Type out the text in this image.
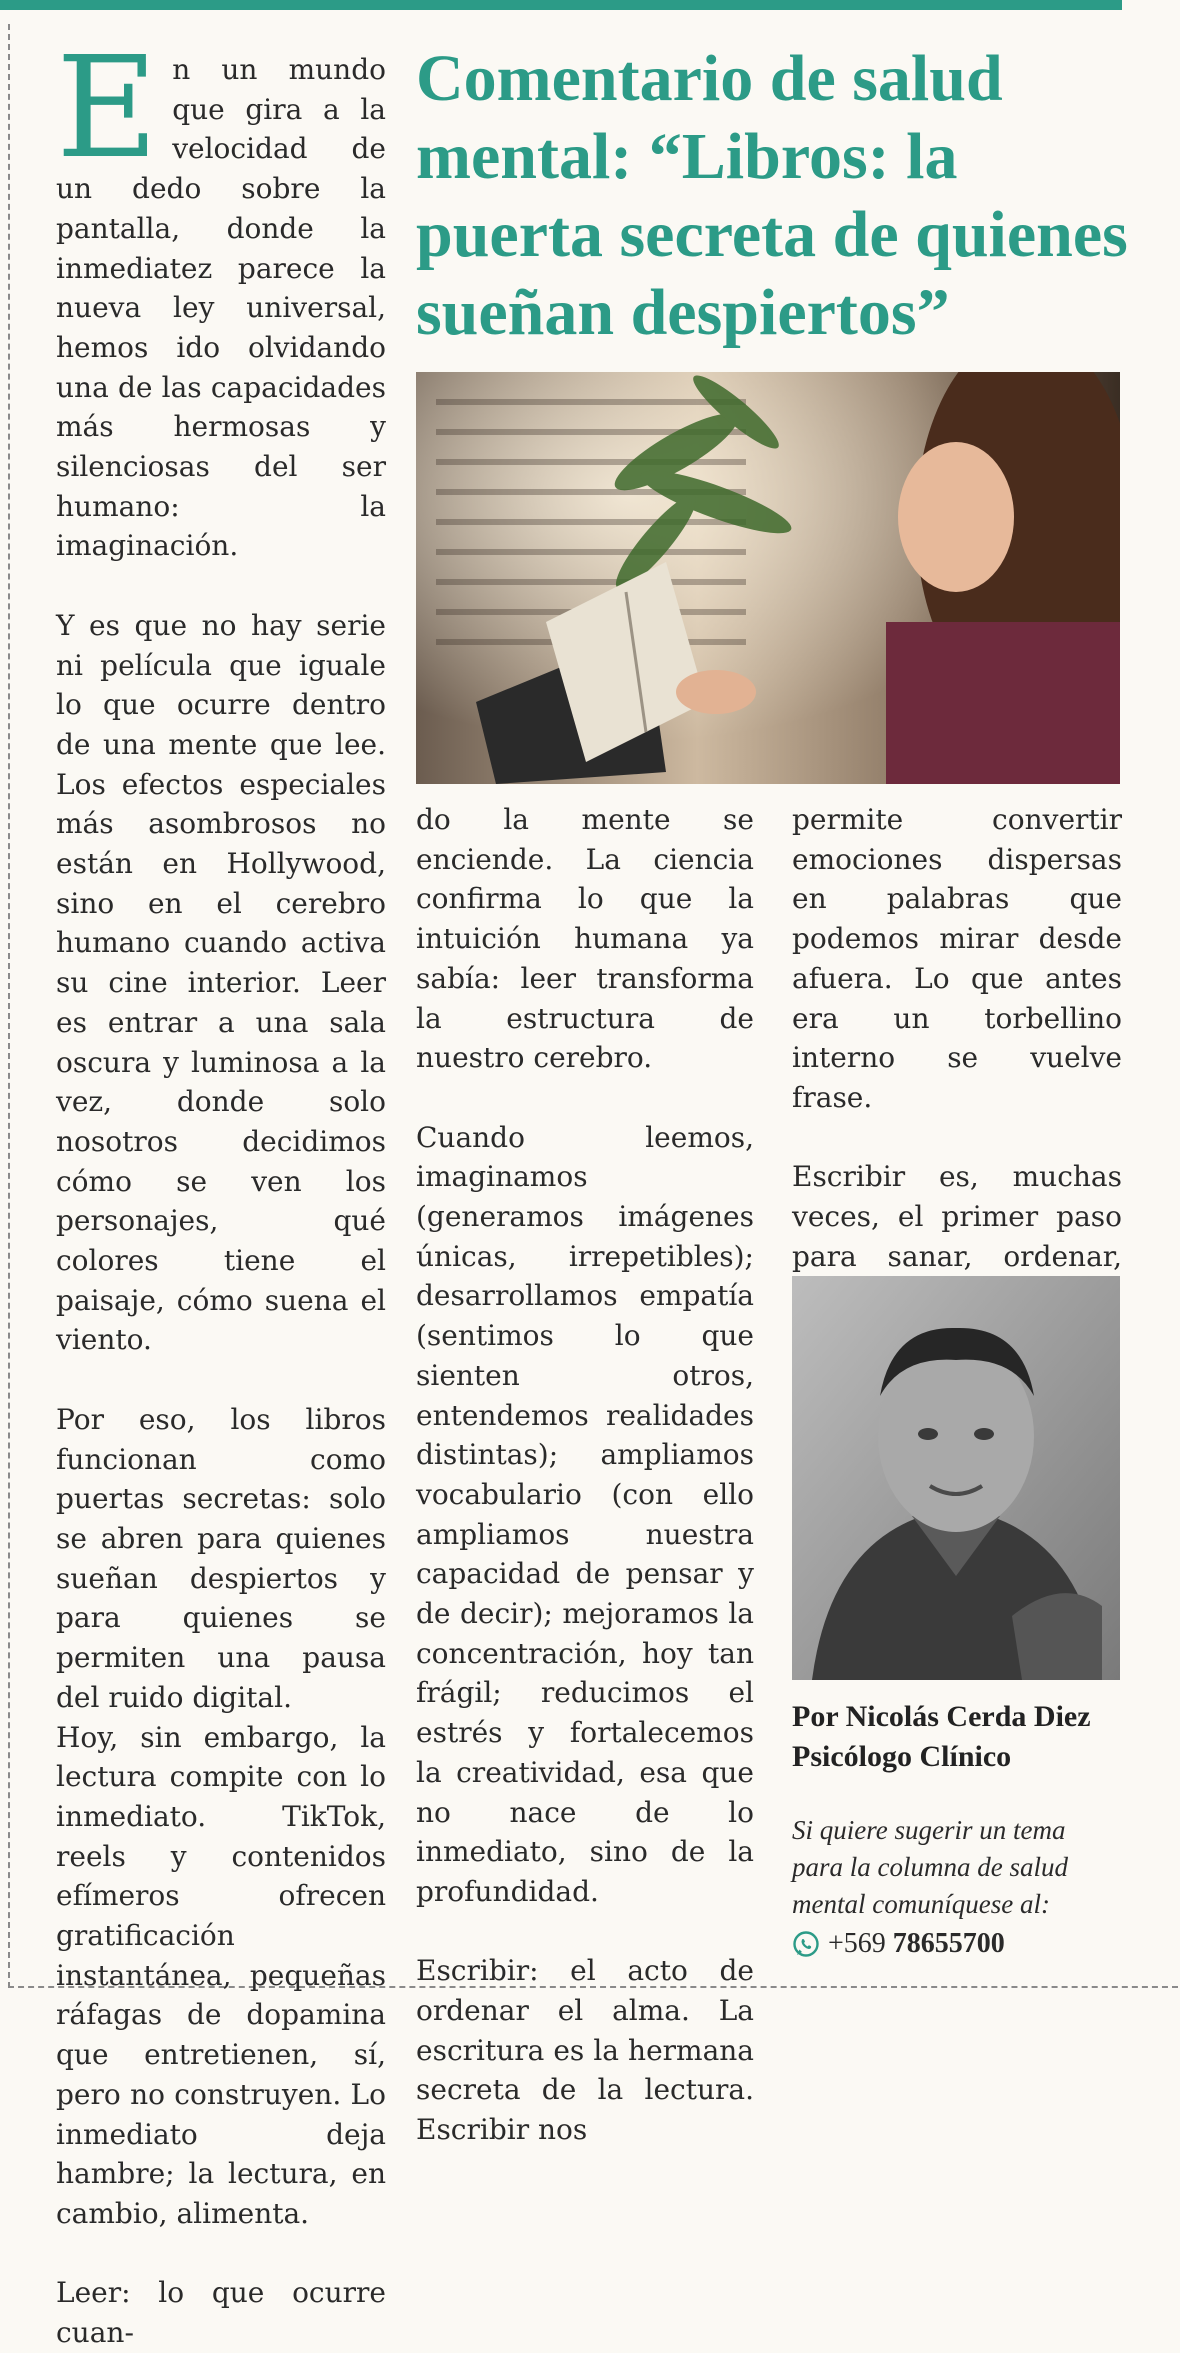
En un mundo que gira a la velocidad de un dedo sobre la pantalla, donde la inmediatez parece la nueva ley universal, hemos ido olvidando una de las capacidades más hermosas y silenciosas del ser humano: la imaginación.

Y es que no hay serie ni película que iguale lo que ocurre dentro de una mente que lee. Los efectos especiales más asombrosos no están en Hollywood, sino en el cerebro humano cuando activa su cine interior. Leer es entrar a una sala oscura y luminosa a la vez, donde solo nosotros decidimos cómo se ven los personajes, qué colores tiene el paisaje, cómo suena el viento.

Por eso, los libros funcionan como puertas secretas: solo se abren para quienes sueñan despiertos y para quienes se permiten una pausa del ruido digital.

Hoy, sin embargo, la lectura compite con lo inmediato. TikTok, reels y contenidos efímeros ofrecen gratificación instantánea, pequeñas ráfagas de dopamina que entretienen, sí, pero no construyen. Lo inmediato deja hambre; la lectura, en cambio, alimenta.

Leer: lo que ocurre cuan-

Comentario de salud mental: “Libros: la puerta secreta de quienes sueñan despiertos”

do la mente se enciende. La ciencia confirma lo que la intuición humana ya sabía: leer transforma la estructura de nuestro cerebro.

Cuando leemos, imaginamos (generamos imágenes únicas, irrepetibles); desarrollamos empatía (sentimos lo que sienten otros, entendemos realidades distintas); ampliamos vocabulario (con ello ampliamos nuestra capacidad de pensar y de decir); mejoramos la concentración, hoy tan frágil; reducimos el estrés y fortalecemos la creatividad, esa que no nace de lo inmediato, sino de la profundidad.

Escribir: el acto de ordenar el alma. La escritura es la hermana secreta de la lectura. Escribir nos

permite convertir emociones dispersas en palabras que podemos mirar desde afuera. Lo que antes era un torbellino interno se vuelve frase.

Escribir es, muchas veces, el primer paso para sanar, ordenar,

Por Nicolás Cerda Diez
Psicólogo Clínico
Si quiere sugerir un tema para la columna de salud mental comuníquese al:
+569 78655700
